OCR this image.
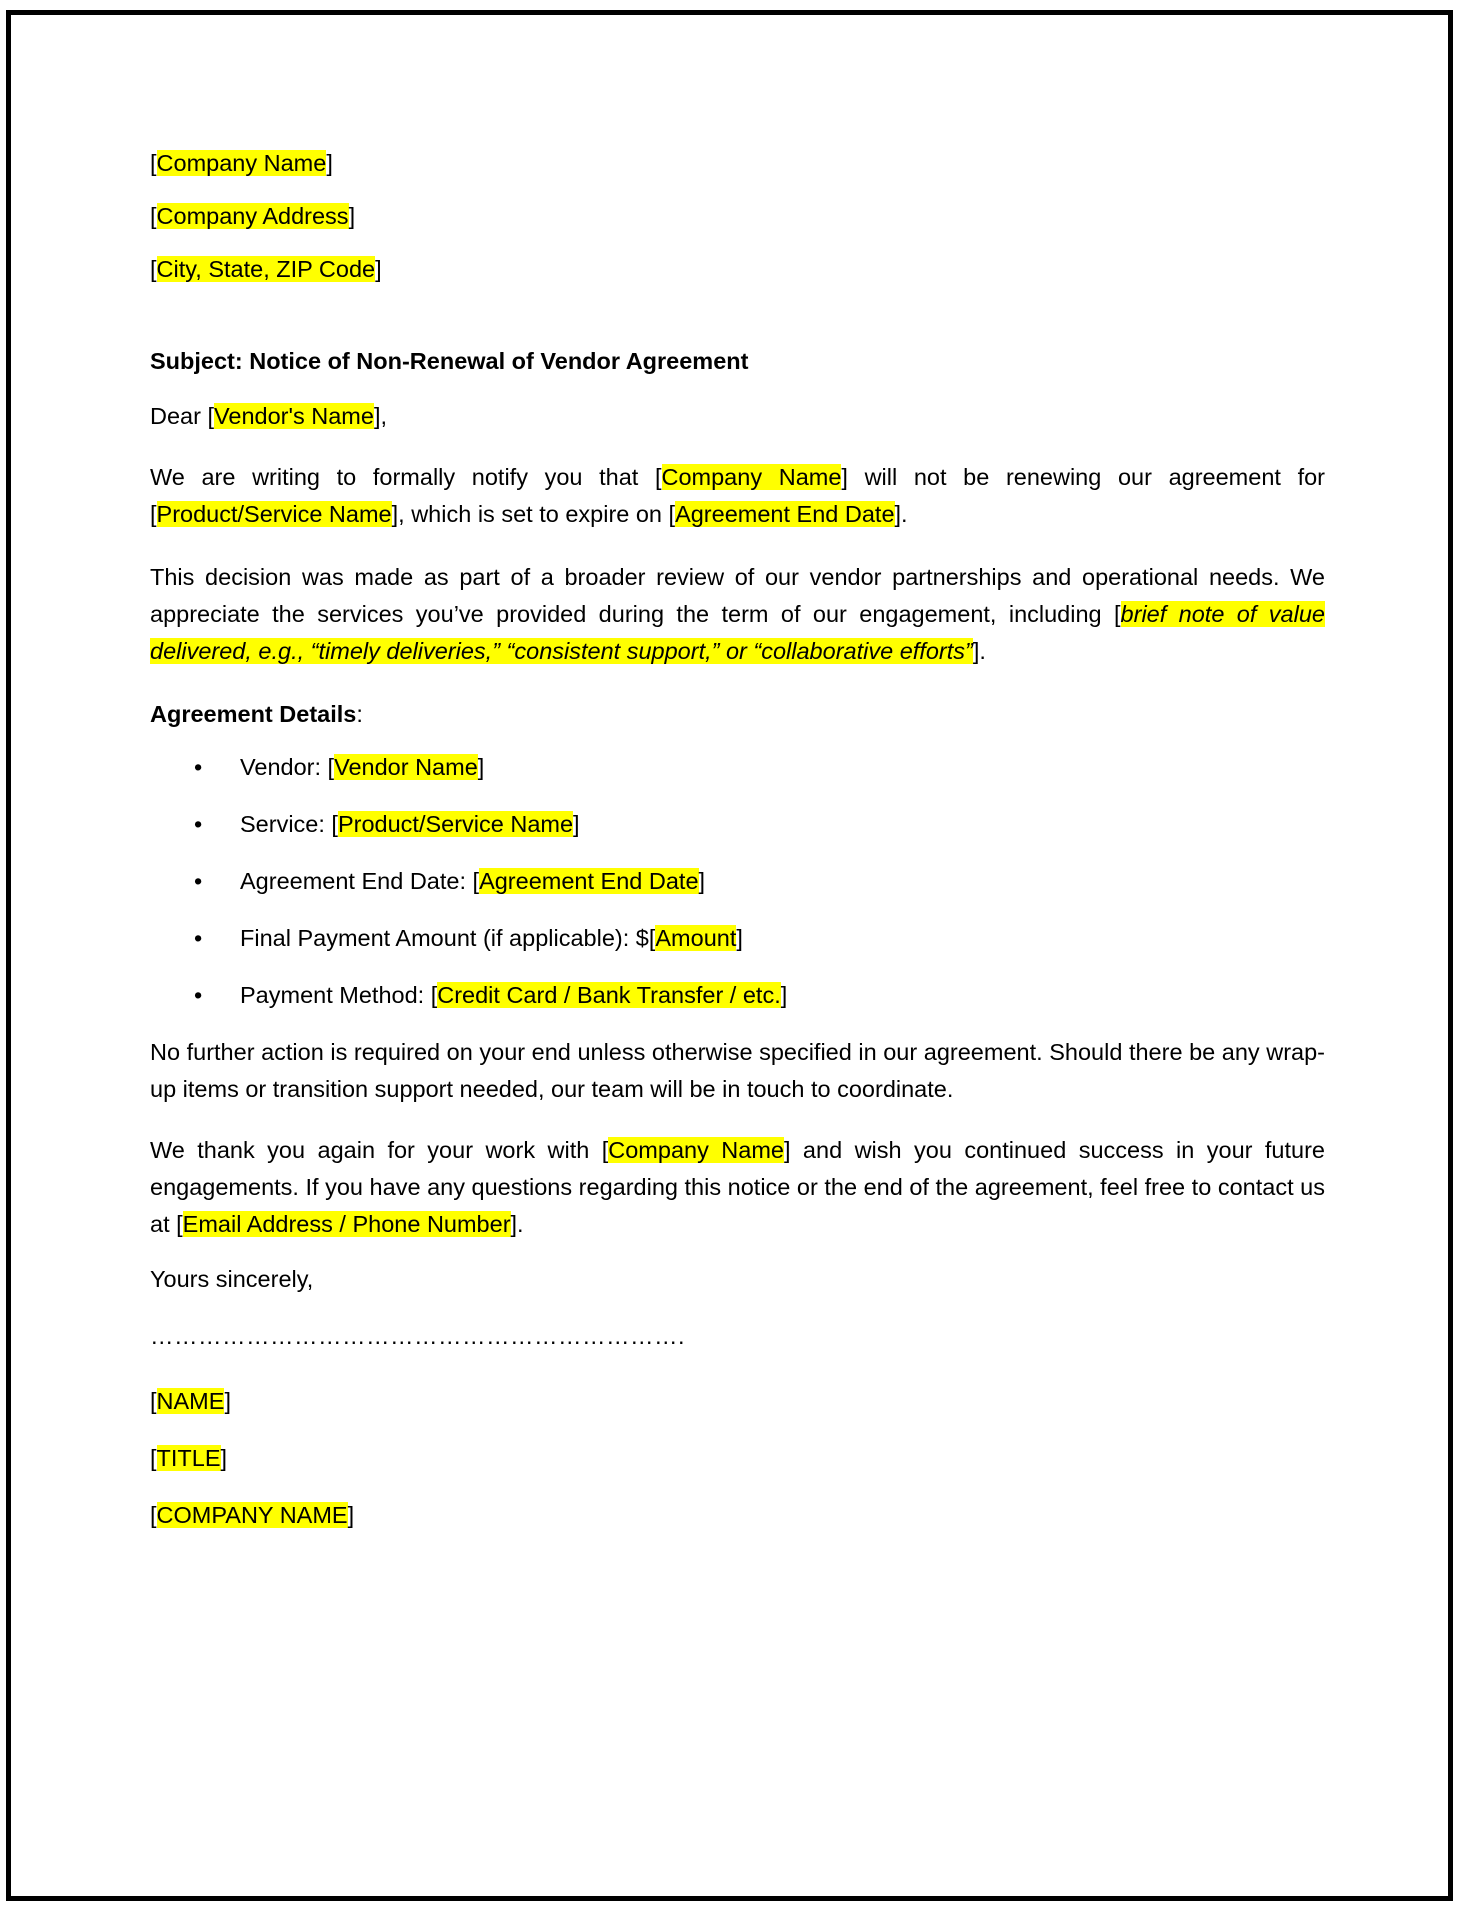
[Company Name]

[Company Address]

[City, State, ZIP Code]

Subject: Notice of Non-Renewal of Vendor Agreement

Dear [Vendor's Name],

We are writing to formally notify you that [Company Name] will not be renewing our agreement for [Product/Service Name], which is set to expire on [Agreement End Date].

This decision was made as part of a broader review of our vendor partnerships and operational needs. We appreciate the services you’ve provided during the term of our engagement, including [brief note of value delivered, e.g., “timely deliveries,” “consistent support,” or “collaborative efforts”].

Agreement Details:

• Vendor: [Vendor Name]
• Service: [Product/Service Name]
• Agreement End Date: [Agreement End Date]
• Final Payment Amount (if applicable): $[Amount]
• Payment Method: [Credit Card / Bank Transfer / etc.]

No further action is required on your end unless otherwise specified in our agreement. Should there be any wrap-up items or transition support needed, our team will be in touch to coordinate.

We thank you again for your work with [Company Name] and wish you continued success in your future engagements. If you have any questions regarding this notice or the end of the agreement, feel free to contact us at [Email Address / Phone Number].

Yours sincerely,

………………………………………………………….

[NAME]

[TITLE]

[COMPANY NAME]
